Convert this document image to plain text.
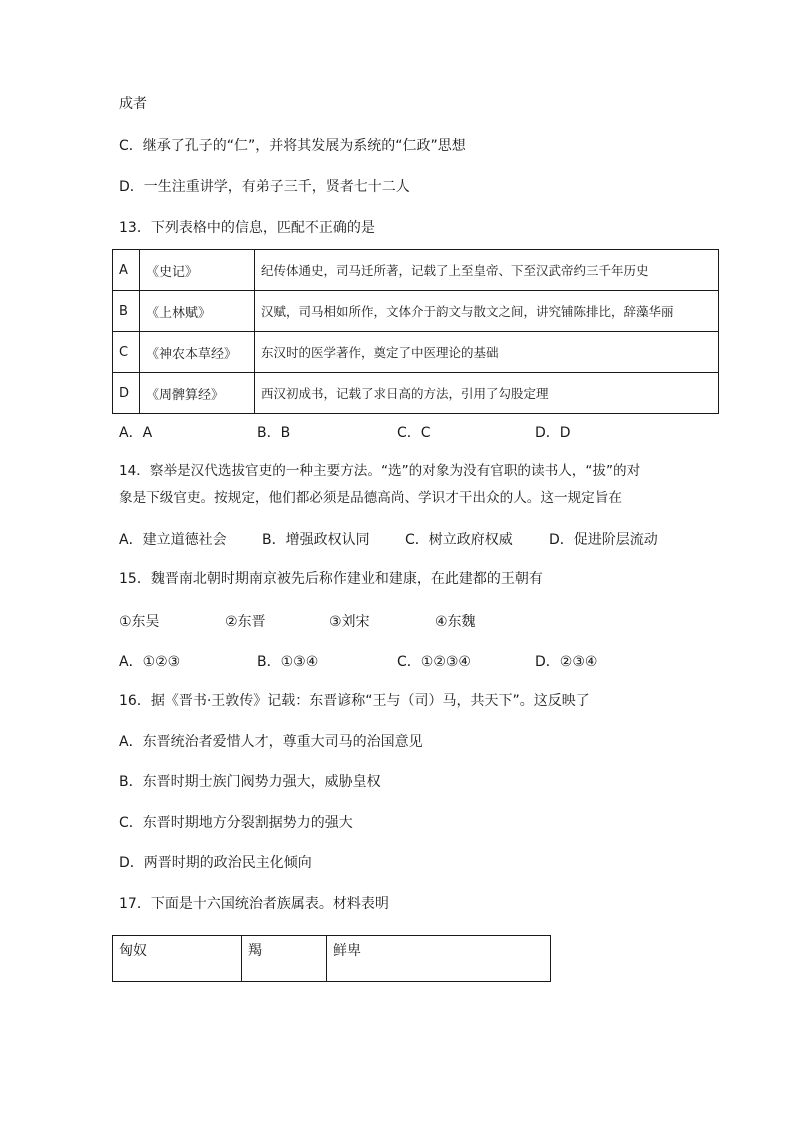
成者
C．继承了孔子的“仁”，并将其发展为系统的“仁政”思想
D．一生注重讲学，有弟子三千，贤者七十二人
13．下列表格中的信息，匹配不正确的是
A	《史记》	纪传体通史，司马迁所著，记载了上至皇帝、下至汉武帝约三千年历史
B	《上林赋》	汉赋，司马相如所作，文体介于韵文与散文之间，讲究铺陈排比，辞藻华丽
C	《神农本草经》	东汉时的医学著作，奠定了中医理论的基础
D	《周髀算经》	西汉初成书，记载了求日高的方法，引用了勾股定理
A．A	B．B	C．C	D．D
14．察举是汉代选拔官吏的一种主要方法。“选”的对象为没有官职的读书人，“拔”的对
象是下级官吏。按规定，他们都必须是品德高尚、学识才干出众的人。这一规定旨在
A．建立道德社会	B．增强政权认同	C．树立政府权威	D．促进阶层流动
15．魏晋南北朝时期南京被先后称作建业和建康，在此建都的王朝有
①东吴	②东晋	③刘宋	④东魏
A．①②③	B．①③④	C．①②③④	D．②③④
16．据《晋书·王敦传》记载：东晋谚称“王与（司）马，共天下”。这反映了
A．东晋统治者爱惜人才，尊重大司马的治国意见
B．东晋时期士族门阀势力强大，威胁皇权
C．东晋时期地方分裂割据势力的强大
D．两晋时期的政治民主化倾向
17．下面是十六国统治者族属表。材料表明
匈奴	羯	鲜卑
